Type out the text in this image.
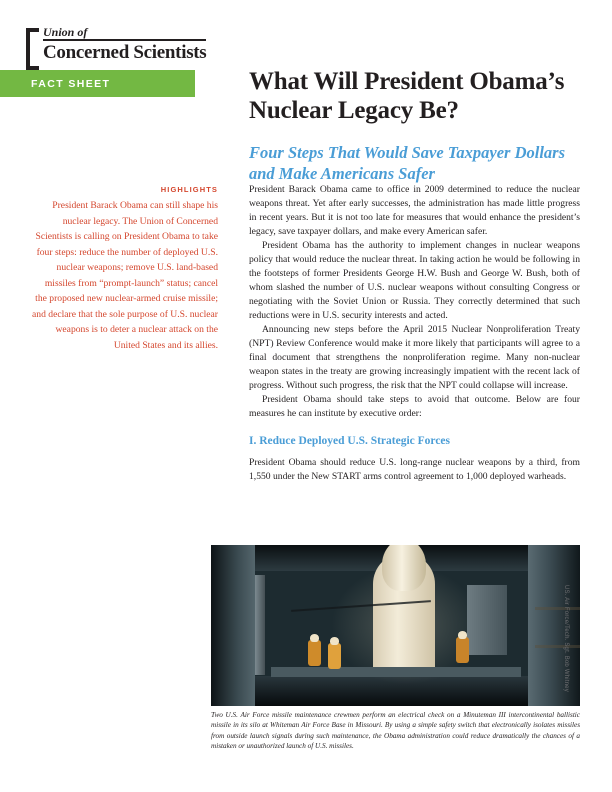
Union of
Concerned Scientists
FACT SHEET	What Will President Obama’s Nuclear Legacy Be?
Four Steps That Would Save Taxpayer Dollars and Make Americans Safer
HIGHLIGHTS
President Barack Obama can still shape his nuclear legacy. The Union of Concerned Scientists is calling on President Obama to take four steps: reduce the number of deployed U.S. nuclear weapons; remove U.S. land-based missiles from “prompt-launch” status; cancel the proposed new nuclear-armed cruise missile; and declare that the sole purpose of U.S. nuclear weapons is to deter a nuclear attack on the United States and its allies.

President Barack Obama came to office in 2009 determined to reduce the nuclear weapons threat. Yet after early successes, the administration has made little progress in recent years. But it is not too late for measures that would enhance the president’s legacy, save taxpayer dollars, and make every American safer.

President Obama has the authority to implement changes in nuclear weapons policy that would reduce the nuclear threat. In taking action he would be following in the footsteps of former Presidents George H.W. Bush and George W. Bush, both of whom slashed the number of U.S. nuclear weapons without consulting Congress or negotiating with the Soviet Union or Russia. They correctly determined that such reductions were in U.S. security interests and acted.

Announcing new steps before the April 2015 Nuclear Nonproliferation Treaty (NPT) Review Conference would make it more likely that participants will agree to a final document that strengthens the nonproliferation regime. Many non-nuclear weapon states in the treaty are growing increasingly impatient with the recent lack of progress. Without such progress, the risk that the NPT could collapse will increase.

President Obama should take steps to avoid that outcome. Below are four measures he can institute by executive order:

I. Reduce Deployed U.S. Strategic Forces

President Obama should reduce U.S. long-range nuclear weapons by a third, from 1,550 under the New START arms control agreement to 1,000 deployed warheads.

US. Air Force/Tech. Sgt. Bob Whitney
Two U.S. Air Force missile maintenance crewmen perform an electrical check on a Minuteman III intercontinental ballistic missile in its silo at Whiteman Air Force Base in Missouri. By using a simple safety switch that electronically isolates missiles from outside launch signals during such maintenance, the Obama administration could reduce dramatically the chances of a mistaken or unauthorized launch of U.S. missiles.
